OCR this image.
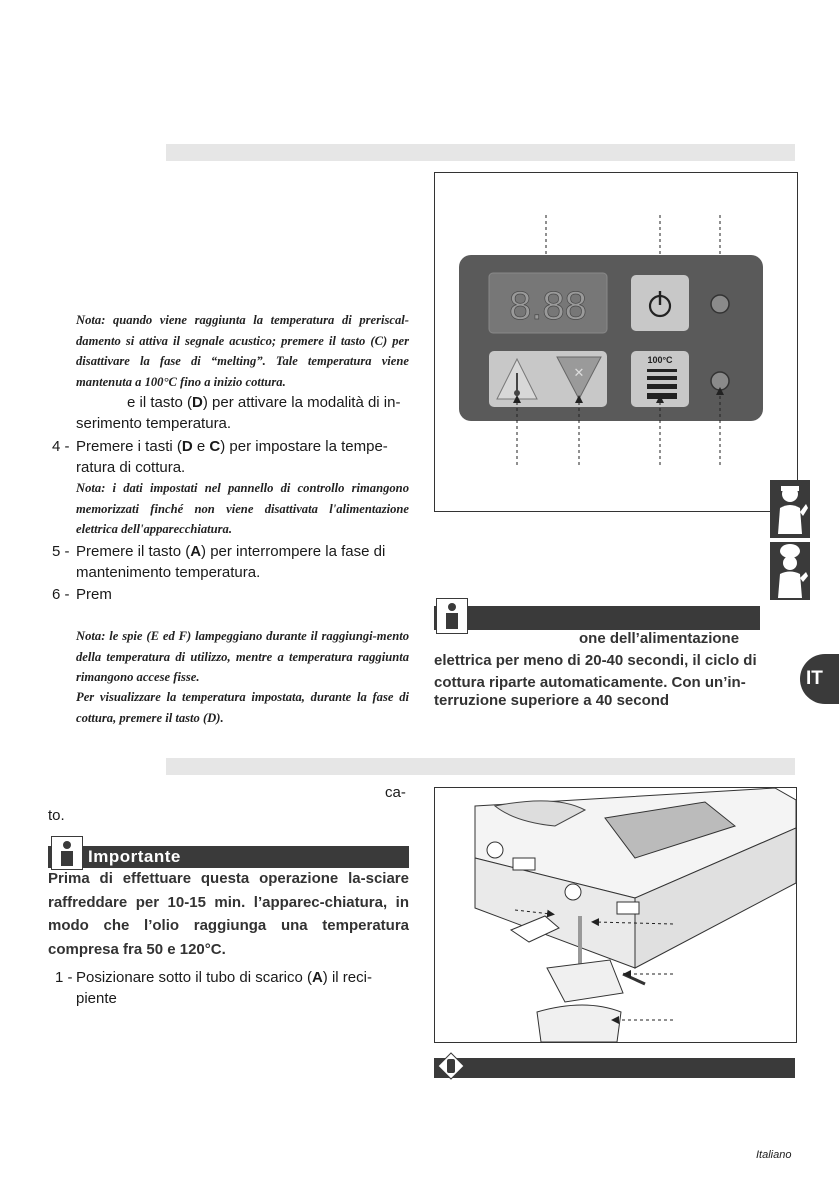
Nota: quando viene raggiunta la temperatura di preriscal-damento si attiva il segnale acustico; premere il tasto (C) per disattivare la fase di “melting”. Tale temperatura viene mantenuta a 100°C fino a inizio cottura.
e il tasto (D) per attivare la modalità di in-
serimento temperatura.
4 - Premere i tasti (D e C) per impostare la tempe-
ratura di cottura.
Nota: i dati impostati nel pannello di controllo rimangono memorizzati finché non viene disattivata l'alimentazione elettrica dell'apparecchiatura.
5 - Premere il tasto (A) per interrompere la fase di
mantenimento temperatura.
6 - Prem
Nota: le spie (E ed F) lampeggiano durante il raggiungi-mento della temperatura di utilizzo, mentre a temperatura raggiunta rimangono accese fisse.
Per visualizzare la temperatura impostata, durante la fase di cottura, premere il tasto (D).
8.88
✕
100°C
IT
one dell’alimentazione
elettrica per meno di 20-40 secondi, il ciclo di
cottura riparte automaticamente. Con un’in-
terruzione superiore a 40 second
ca-
to.
Importante
Prima di effettuare questa operazione la-sciare raffreddare per 10-15 min. l’apparec-chiatura, in modo che l’olio raggiunga una temperatura compresa fra 50 e 120°C.
1 - Posizionare sotto il tubo di scarico (A) il reci-
piente
Italiano
